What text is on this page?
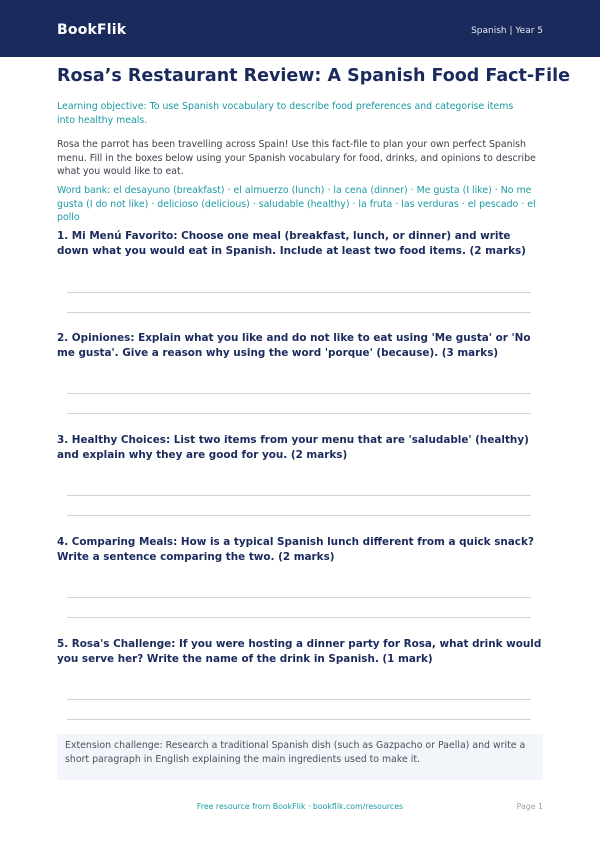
BookFlik	Spanish | Year 5
Rosa’s Restaurant Review: A Spanish Food Fact-File
Learning objective: To use Spanish vocabulary to describe food preferences and categorise items into healthy meals.
Rosa the parrot has been travelling across Spain! Use this fact-file to plan your own perfect Spanish menu. Fill in the boxes below using your Spanish vocabulary for food, drinks, and opinions to describe what you would like to eat.
Word bank: el desayuno (breakfast) · el almuerzo (lunch) · la cena (dinner) · Me gusta (I like) · No me gusta (I do not like) · delicioso (delicious) · saludable (healthy) · la fruta · las verduras · el pescado · el pollo
1. Mi Menú Favorito: Choose one meal (breakfast, lunch, or dinner) and write down what you would eat in Spanish. Include at least two food items. (2 marks)
2. Opiniones: Explain what you like and do not like to eat using 'Me gusta' or 'No me gusta'. Give a reason why using the word 'porque' (because). (3 marks)
3. Healthy Choices: List two items from your menu that are 'saludable' (healthy) and explain why they are good for you. (2 marks)
4. Comparing Meals: How is a typical Spanish lunch different from a quick snack? Write a sentence comparing the two. (2 marks)
5. Rosa's Challenge: If you were hosting a dinner party for Rosa, what drink would you serve her? Write the name of the drink in Spanish. (1 mark)
Extension challenge: Research a traditional Spanish dish (such as Gazpacho or Paella) and write a short paragraph in English explaining the main ingredients used to make it.
Free resource from BookFlik · bookflik.com/resources	Page 1
